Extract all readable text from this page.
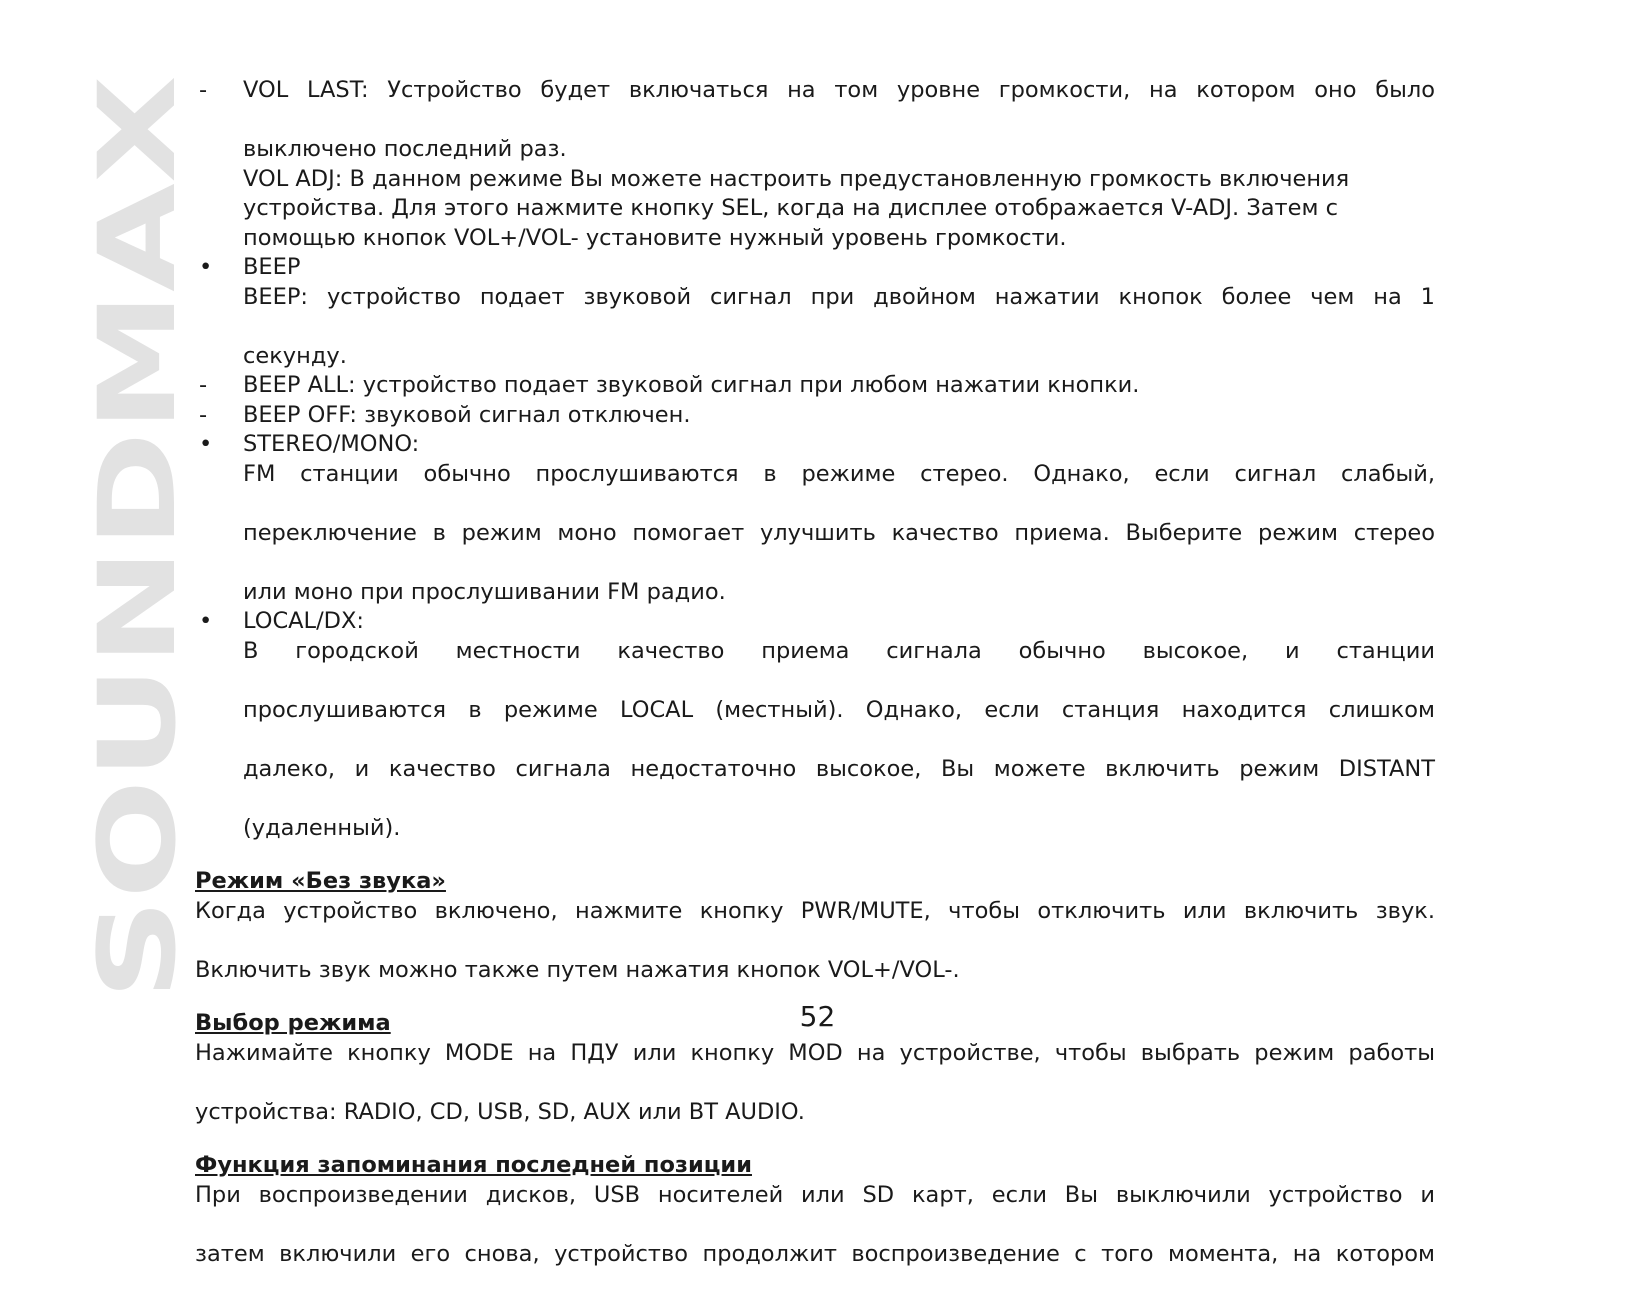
SOUNDMAX
-	VOL LAST: Устройство будет включаться на том уровне громкости, на котором оно было
выключено последний раз.
VOL ADJ: В данном режиме Вы можете настроить предустановленную громкость включения
устройства. Для этого нажмите кнопку SEL, когда на дисплее отображается V-ADJ. Затем с
помощью кнопок VOL+/VOL- установите нужный уровень громкости.
• BEEP
BEEP: устройство подает звуковой сигнал при двойном нажатии кнопок более чем на 1
секунду.
-	BEEP ALL: устройство подает звуковой сигнал при любом нажатии кнопки.
-	BEEP OFF: звуковой сигнал отключен.
• STEREO/MONO:
FM станции обычно прослушиваются в режиме стерео. Однако, если сигнал слабый,
переключение в режим моно помогает улучшить качество приема. Выберите режим стерео
или моно при прослушивании FM радио.
• LOCAL/DX:
В городской местности качество приема сигнала обычно высокое, и станции
прослушиваются в режиме LOCAL (местный). Однако, если станция находится слишком
далеко, и качество сигнала недостаточно высокое, Вы можете включить режим DISTANT
(удаленный).
Режим «Без звука»
Когда устройство включено, нажмите кнопку PWR/MUTE, чтобы отключить или включить звук.
Включить звук можно также путем нажатия кнопок VOL+/VOL-.
Выбор режима
Нажимайте кнопку MODE на ПДУ или кнопку MOD на устройстве, чтобы выбрать режим работы
устройства: RADIO, CD, USB, SD, AUX или BT AUDIO.
Функция запоминания последней позиции
При воспроизведении дисков, USB носителей или SD карт, если Вы выключили устройство и
затем включили его снова, устройство продолжит воспроизведение с того момента, на котором
52
